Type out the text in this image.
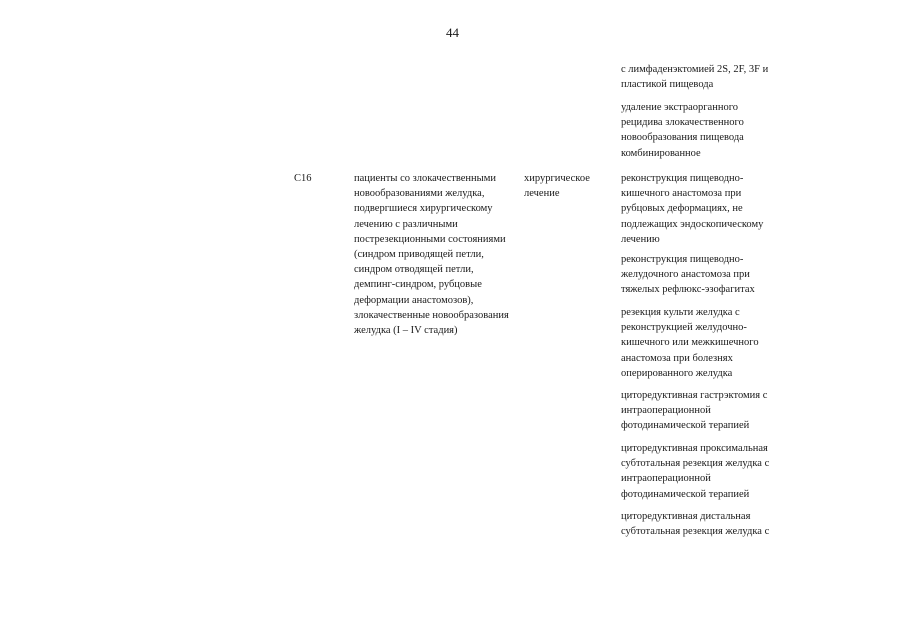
44
с лимфаденэктомией 2S, 2F, 3F и
пластикой пищевода
удаление экстраорганного
рецидива злокачественного
новообразования пищевода
комбинированное
C16	пациенты со злокачественными
новообразованиями желудка,
подвергшиеся хирургическому
лечению с различными
пострезекционными состояниями
(синдром приводящей петли,
синдром отводящей петли,
демпинг-синдром, рубцовые
деформации анастомозов),
злокачественные новообразования
желудка (I – IV стадия)
хирургическое
лечение
реконструкция пищеводно-
кишечного анастомоза при
рубцовых деформациях, не
подлежащих эндоскопическому
лечению
реконструкция пищеводно-
желудочного анастомоза при
тяжелых рефлюкс-эзофагитах
резекция культи желудка с
реконструкцией желудочно-
кишечного или межкишечного
анастомоза при болезнях
оперированного желудка
циторедуктивная гастрэктомия с
интраоперационной
фотодинамической терапией
циторедуктивная проксимальная
субтотальная резекция желудка с
интраоперационной
фотодинамической терапией
циторедуктивная дистальная
субтотальная резекция желудка с
